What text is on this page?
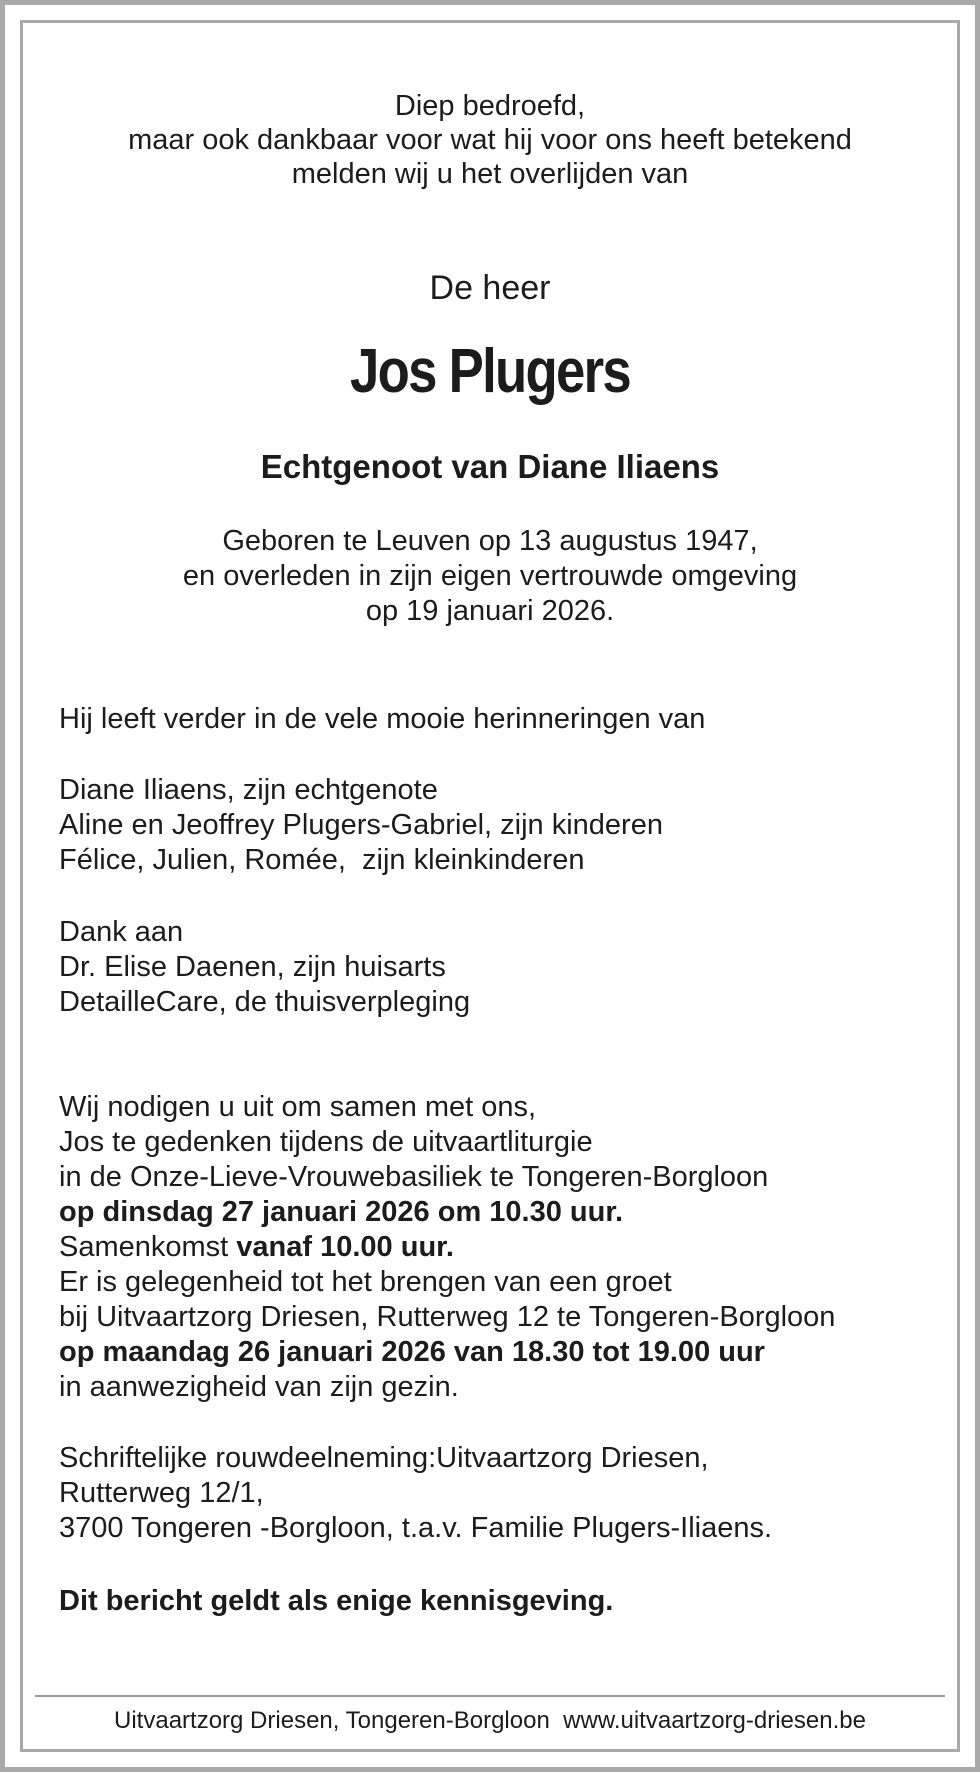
Diep bedroefd,
maar ook dankbaar voor wat hij voor ons heeft betekend
melden wij u het overlijden van
De heer
Jos Plugers
Echtgenoot van Diane Iliaens
Geboren te Leuven op 13 augustus 1947,
en overleden in zijn eigen vertrouwde omgeving
op 19 januari 2026.
Hij leeft verder in de vele mooie herinneringen van
Diane Iliaens, zijn echtgenote
Aline en Jeoffrey Plugers-Gabriel, zijn kinderen
Félice, Julien, Romée,  zijn kleinkinderen
Dank aan
Dr. Elise Daenen, zijn huisarts
DetailleCare, de thuisverpleging
Wij nodigen u uit om samen met ons,
Jos te gedenken tijdens de uitvaartliturgie
in de Onze-Lieve-Vrouwebasiliek te Tongeren-Borgloon
op dinsdag 27 januari 2026 om 10.30 uur.
Samenkomst vanaf 10.00 uur.
Er is gelegenheid tot het brengen van een groet
bij Uitvaartzorg Driesen, Rutterweg 12 te Tongeren-Borgloon
op maandag 26 januari 2026 van 18.30 tot 19.00 uur
in aanwezigheid van zijn gezin.
Schriftelijke rouwdeelneming:Uitvaartzorg Driesen,
Rutterweg 12/1,
3700 Tongeren -Borgloon, t.a.v. Familie Plugers-Iliaens.
Dit bericht geldt als enige kennisgeving.
Uitvaartzorg Driesen, Tongeren-Borgloon www.uitvaartzorg-driesen.be
